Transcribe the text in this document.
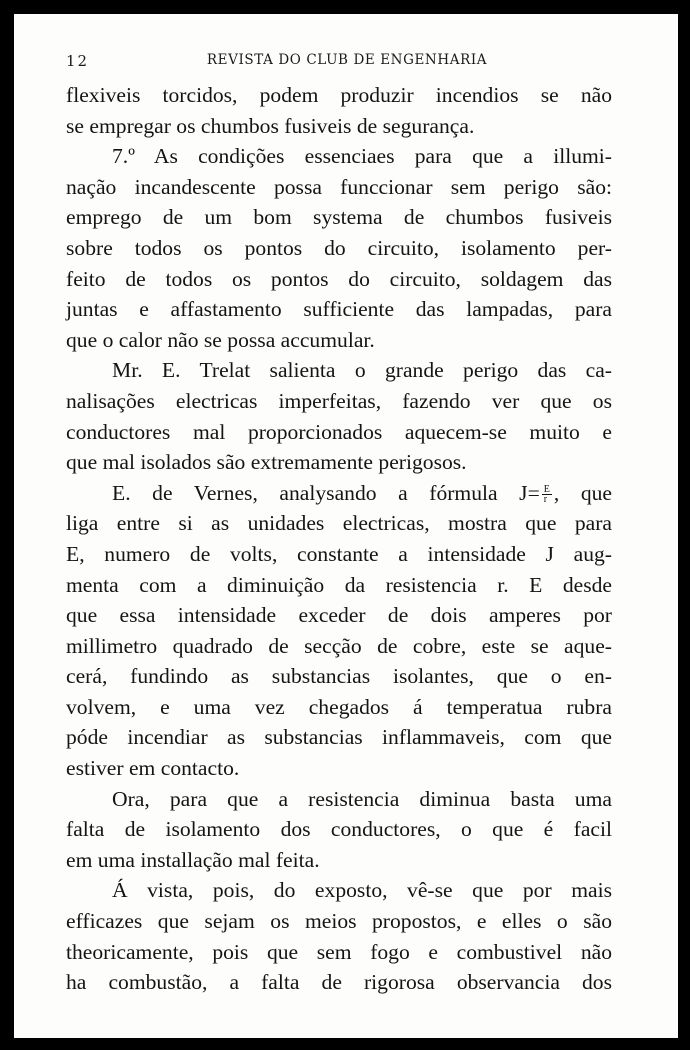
12	REVISTA DO CLUB DE ENGENHARIA
flexiveis torcidos, podem produzir incendios se não
se empregar os chumbos fusiveis de segurança.
7.º As condições essenciaes para que a illumi-
nação incandescente possa funccionar sem perigo são:
emprego de um bom systema de chumbos fusiveis
sobre todos os pontos do circuito, isolamento per-
feito de todos os pontos do circuito, soldagem das
juntas e affastamento sufficiente das lampadas, para
que o calor não se possa accumular.
Mr. E. Trelat salienta o grande perigo das ca-
nalisações electricas imperfeitas, fazendo ver que os
conductores mal proporcionados aquecem-se muito e
que mal isolados são extremamente perigosos.
E. de Vernes, analysando a fórmula $J= \frac{E}{r}$ , que
liga entre si as unidades electricas, mostra que para
E, numero de volts, constante a intensidade J aug-
menta com a diminuição da resistencia r. E desde
que essa intensidade exceder de dois amperes por
millimetro quadrado de secção de cobre, este se aque-
cerá, fundindo as substancias isolantes, que o en-
volvem, e uma vez chegados á temperatua rubra
póde incendiar as substancias inflammaveis, com que
estiver em contacto.
Ora, para que a resistencia diminua basta uma
falta de isolamento dos conductores, o que é facil
em uma installação mal feita.
Á vista, pois, do exposto, vê-se que por mais
efficazes que sejam os meios propostos, e elles o são
theoricamente, pois que sem fogo e combustivel não
ha combustão, a falta de rigorosa observancia dos
